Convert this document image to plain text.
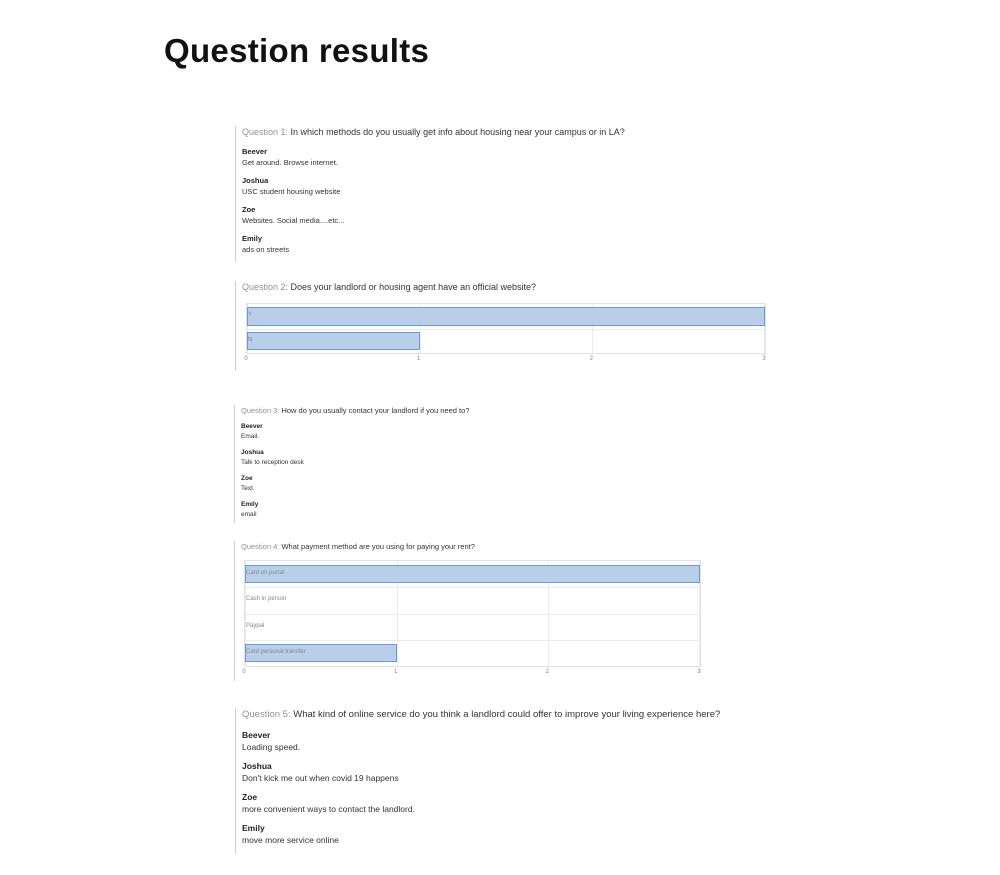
Question results
Question 1: In which methods do you usually get info about housing near your campus or in LA?
Beever
Get around. Browse internet.
Joshua
USC student housing website
Zoe
Websites. Social media....etc...
Emily
ads on streets
Question 2: Does your landlord or housing agent have an official website?
Y
N
Question 3: How do you usually contact your landlord if you need to?
Beever
Email.
Joshua
Talk to reception desk
Zoe
Text.
Emily
email
Question 4: What payment method are you using for paying your rent?
Card on portal
Cash in person
Paypal
Card personal transfer
Question 5: What kind of online service do you think a landlord could offer to improve your living experience here?
Beever
Loading speed.
Joshua
Don't kick me out when covid 19 happens
Zoe
more convenient ways to contact the landlord.
Emily
move more service online
0	1	2	3
0	1	2	3
